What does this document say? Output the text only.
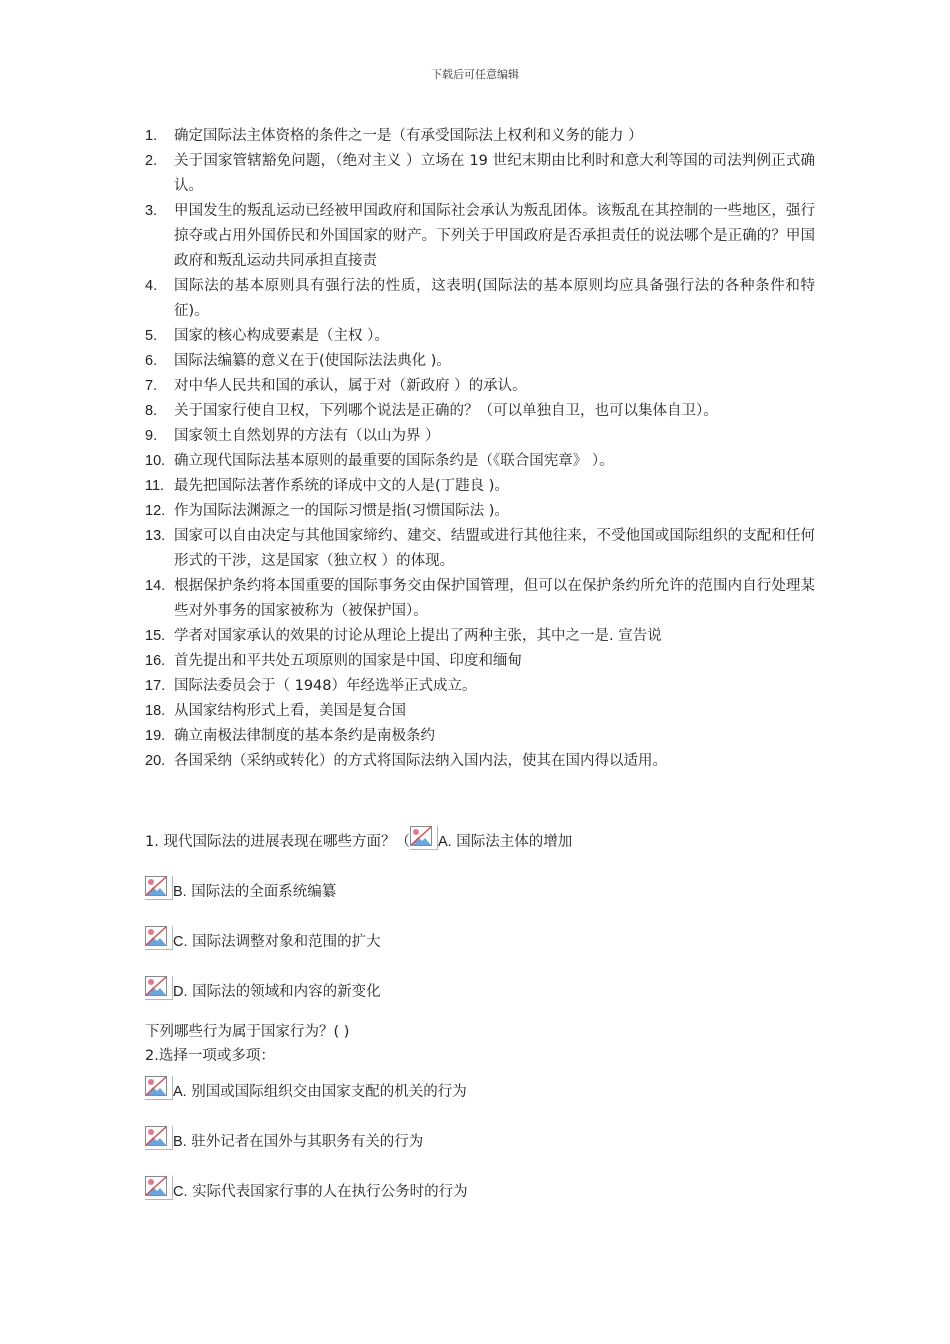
下载后可任意编辑
1.	确定国际法主体资格的条件之一是（有承受国际法上权利和义务的能力 ）
2.	关于国家管辖豁免问题，（绝对主义 ）立场在 19 世纪末期由比利时和意大利等国的司法判例正式确认。
3.	甲国发生的叛乱运动已经被甲国政府和国际社会承认为叛乱团体。该叛乱在其控制的一些地区，强行掠夺或占用外国侨民和外国国家的财产。下列关于甲国政府是否承担责任的说法哪个是正确的？甲国政府和叛乱运动共同承担直接责
4.	国际法的基本原则具有强行法的性质，这表明(国际法的基本原则均应具备强行法的各种条件和特征)。
5.	国家的核心构成要素是（主权 ）。
6.	国际法编纂的意义在于(使国际法法典化 )。
7.	对中华人民共和国的承认，属于对（新政府 ）的承认。
8.	关于国家行使自卫权，下列哪个说法是正确的？（可以单独自卫，也可以集体自卫）。
9.	国家领土自然划界的方法有（以山为界 ）
10. 确立现代国际法基本原则的最重要的国际条约是（《联合国宪章》 ）。
11. 最先把国际法著作系统的译成中文的人是(丁韪良 )。
12. 作为国际法渊源之一的国际习惯是指(习惯国际法 )。
13. 国家可以自由决定与其他国家缔约、建交、结盟或进行其他往来，不受他国或国际组织的支配和任何形式的干涉，这是国家（独立权 ）的体现。
14. 根据保护条约将本国重要的国际事务交由保护国管理，但可以在保护条约所允许的范围内自行处理某些对外事务的国家被称为（被保护国）。
15. 学者对国家承认的效果的讨论从理论上提出了两种主张，其中之一是. 宣告说
16. 首先提出和平共处五项原则的国家是中国、印度和缅甸
17. 国际法委员会于（ 1948）年经选举正式成立。
18. 从国家结构形式上看，美国是复合国
19. 确立南极法律制度的基本条约是南极条约
20. 各国采纳（采纳或转化）的方式将国际法纳入国内法，使其在国内得以适用。
1. 现代国际法的进展表现在哪些方面？（ A. 国际法主体的增加
B. 国际法的全面系统编纂
C. 国际法调整对象和范围的扩大
D. 国际法的领域和内容的新变化
下列哪些行为属于国家行为？( )
2.选择一项或多项：
A. 别国或国际组织交由国家支配的机关的行为
B. 驻外记者在国外与其职务有关的行为
C. 实际代表国家行事的人在执行公务时的行为
